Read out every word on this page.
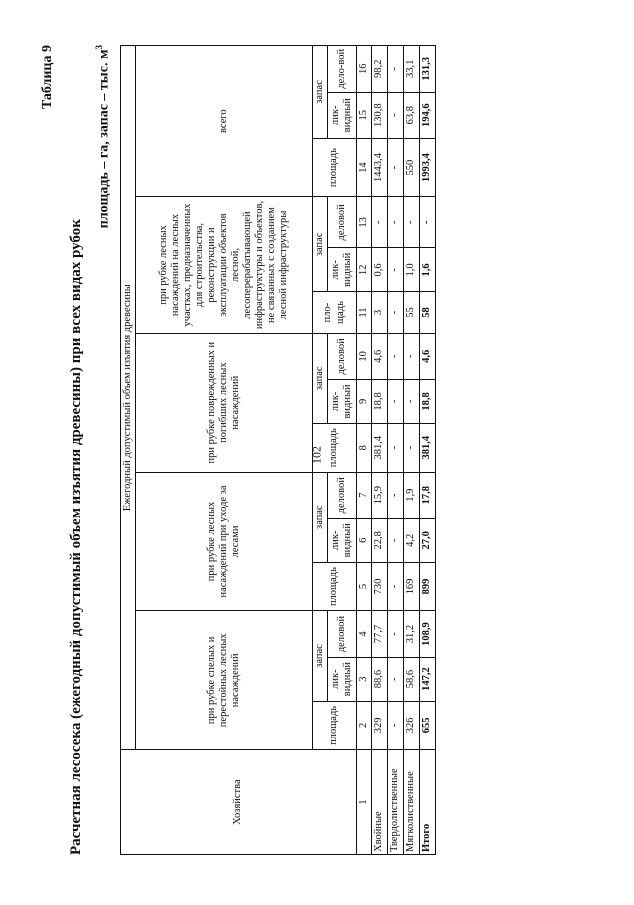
102
Таблица 9
Расчетная лесосека (ежегодный допустимый объем изъятия древесины) при всех видах рубок
площадь – га, запас – тыс. $м^3$
Хозяйства	Ежегодный допустимый объем изъятия древесины														
	при рубке спелых и перестойных лесных насаждений			при рубке лесных насаждений при уходе за лесами			при рубке поврежденных и погибших лесных насаждений			при рубке лесных насаждений на лесных участках, предназначенных для строительства, реконструкции и эксплуатации объектов лесной, лесоперерабатывающей инфраструктуры и объектов, не связанных с созданием лесной инфраструктуры			всего		
	площадь	запас		площадь	запас		площадь	запас		пло-щадь	запас		площадь	запас	
		лик-видный	деловой		лик-видный	деловой		лик-видный	деловой		лик-видный	деловой		лик-видный	дело-вой
1	2	3	4	5	6	7	8	9	10	11	12	13	14	15	16
Хвойные	329	88,6	77,7	730	22,8	15,9	381,4	18,8	4,6	3	0,6	-	1443,4	130,8	98,2
Твердолиственные	-	-	-	-	-	-	-	-	-	-	-	-	-	-	-
Мягколиственные	326	58,6	31,2	169	4,2	1,9	-	-	-	55	1,0	-	550	63,8	33,1
Итого	655	147,2	108,9	899	27,0	17,8	381,4	18,8	4,6	58	1,6	-	1993,4	194,6	131,3
